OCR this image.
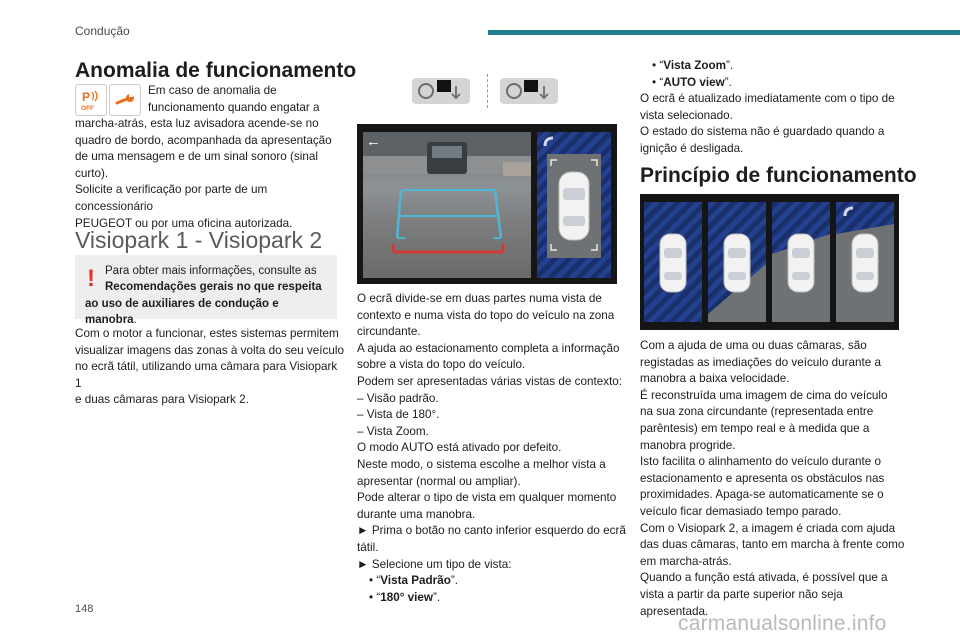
Condução
Anomalia de funcionamento
P
OFF

Em caso de anomalia de

funcionamento quando engatar a

marcha-atrás, esta luz avisadora acende-se no

quadro de bordo, acompanhada da apresentação

de uma mensagem e de um sinal sonoro (sinal

curto).

Solicite a verificação por parte de um concessionário

PEUGEOT ou por uma oficina autorizada.

Visiopark 1 - Visiopark 2
! Para obter mais informações, consulte as
Recomendações gerais no que respeita
ao uso de auxiliares de condução e manobra.

Com o motor a funcionar, estes sistemas permitem

visualizar imagens das zonas à volta do seu veículo

no ecrã tátil, utilizando uma câmara para Visiopark 1

e duas câmaras para Visiopark 2.

←

O ecrã divide-se em duas partes numa vista de

contexto e numa vista do topo do veículo na zona

circundante.

A ajuda ao estacionamento completa a informação

sobre a vista do topo do veículo.

Podem ser apresentadas várias vistas de contexto:

– Visão padrão.

– Vista de 180°.

– Vista Zoom.

O modo AUTO está ativado por defeito.

Neste modo, o sistema escolhe a melhor vista a

apresentar (normal ou ampliar).

Pode alterar o tipo de vista em qualquer momento

durante uma manobra.

► Prima o botão no canto inferior esquerdo do ecrã

tátil.

► Selecione um tipo de vista:

• “Vista Padrão”.

• “180° view”.

• “Vista Zoom”.

• “AUTO view”.

O ecrã é atualizado imediatamente com o tipo de

vista selecionado.

O estado do sistema não é guardado quando a

ignição é desligada.

Princípio de funcionamento

Com a ajuda de uma ou duas câmaras, são

registadas as imediações do veículo durante a

manobra a baixa velocidade.

É reconstruída uma imagem de cima do veículo

na sua zona circundante (representada entre

parêntesis) em tempo real e à medida que a

manobra progride.

Isto facilita o alinhamento do veículo durante o

estacionamento e apresenta os obstáculos nas

proximidades. Apaga-se automaticamente se o

veículo ficar demasiado tempo parado.

Com o Visiopark 2, a imagem é criada com ajuda

das duas câmaras, tanto em marcha à frente como

em marcha-atrás.

Quando a função está ativada, é possível que a

vista a partir da parte superior não seja apresentada.

148
carmanualsonline.info
